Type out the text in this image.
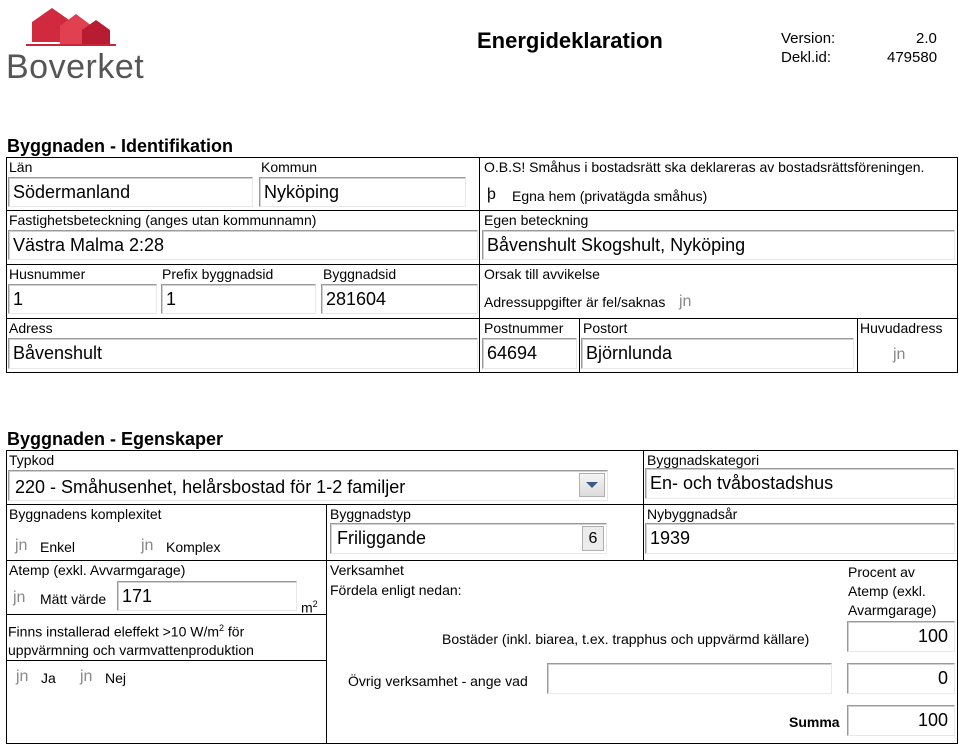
Boverket
Energideklaration	Version:	2.0
Dekl.id:	479580
Byggnaden - Identifikation
Län
Södermanland
Kommun
Nyköping
O.B.S! Småhus i bostadsrätt ska deklareras av bostadsrättsföreningen.
þ Egna hem (privatägda småhus)
Fastighetsbeteckning (anges utan kommunnamn)
Västra Malma 2:28
Egen beteckning
Båvenshult Skogshult, Nyköping
Husnummer
1
Prefix byggnadsid
1
Byggnadsid
281604
Orsak till avvikelse
Adressuppgifter är fel/saknas jn
Adress
Båvenshult
Postnummer
64694
Postort
Björnlunda
Huvudadress
jn
Byggnaden - Egenskaper
Typkod
220 - Småhusenhet, helårsbostad för 1-2 familjer
Byggnadskategori
En- och tvåbostadshus
Byggnadens komplexitet
jn Enkel	jn Komplex
Byggnadstyp
Friliggande	6
Nybyggnadsår
1939
Atemp (exkl. Avvarmgarage)
jn Mätt värde 171
$m^2$
Finns installerad eleffekt >10 $W/m^2$ för
uppvärmning och varmvattenproduktion
jn Ja jn Nej
Verksamhet
Fördela enligt nedan:
Procent av
Atemp (exkl.
Avarmgarage)
Bostäder (inkl. biarea, t.ex. trapphus och uppvärmd källare)	100
Övrig verksamhet - ange vad	0
Summa	100
